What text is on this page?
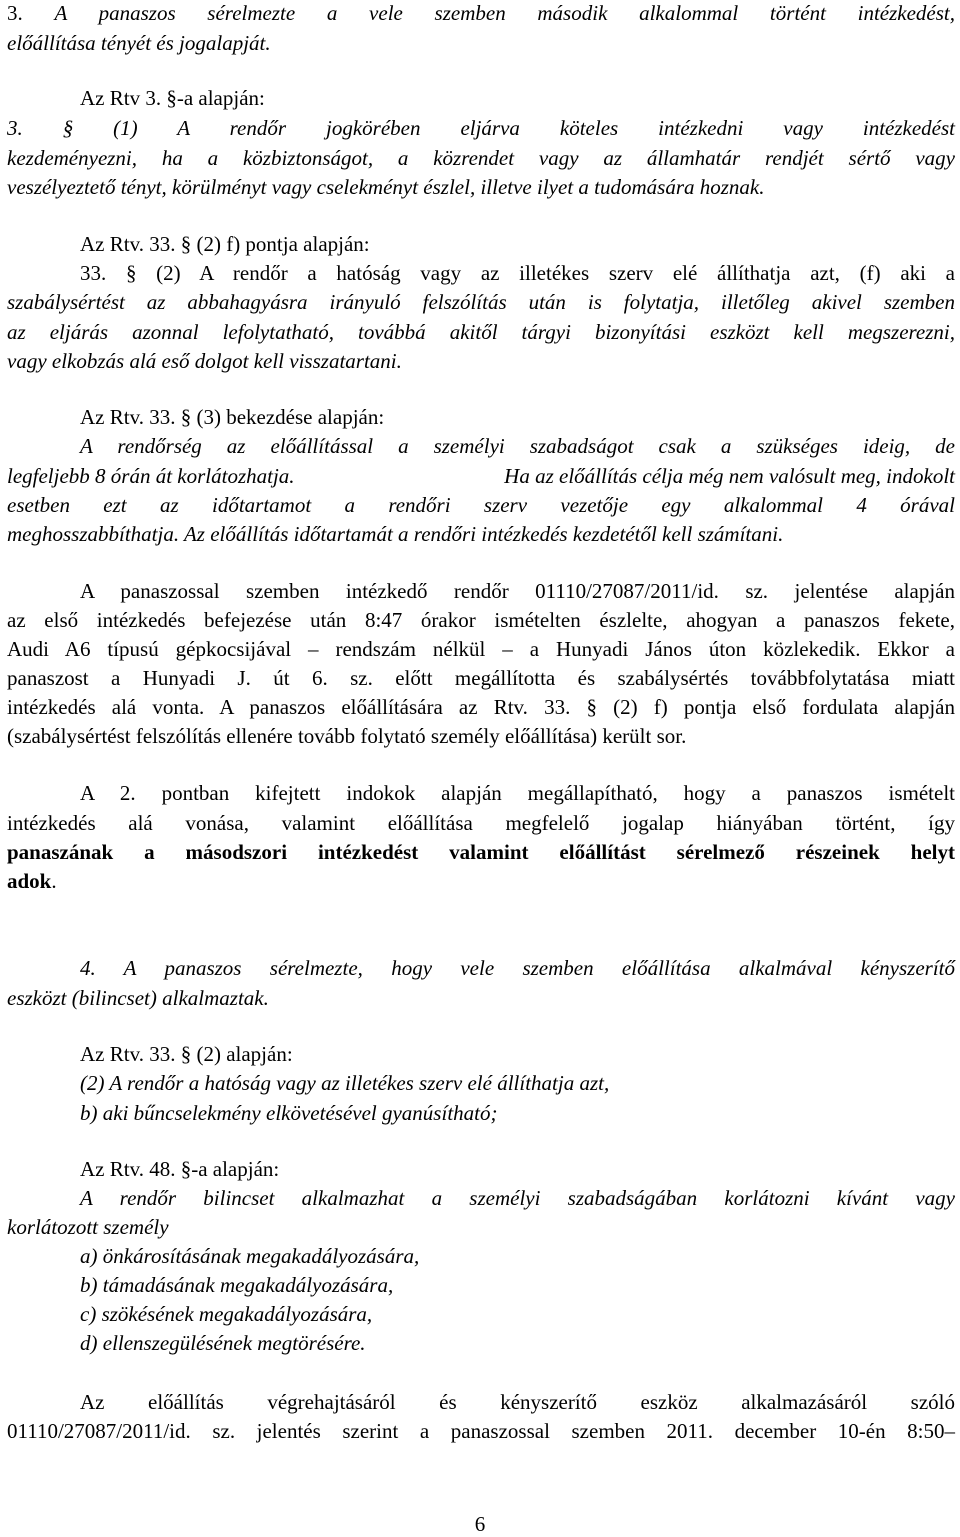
3. A panaszos sérelmezte a vele szemben második alkalommal történt intézkedést,

előállítása tényét és jogalapját.

Az Rtv 3. §-a alapján:

3. § (1) A rendőr jogkörében eljárva köteles intézkedni vagy intézkedést

kezdeményezni, ha a közbiztonságot, a közrendet vagy az államhatár rendjét sértő vagy

veszélyeztető tényt, körülményt vagy cselekményt észlel, illetve ilyet a tudomására hoznak.

Az Rtv. 33. § (2) f) pontja alapján:

33. § (2) A rendőr a hatóság vagy az illetékes szerv elé állíthatja azt, (f) aki a

szabálysértést az abbahagyásra irányuló felszólítás után is folytatja, illetőleg akivel szemben

az eljárás azonnal lefolytatható, továbbá akitől tárgyi bizonyítási eszközt kell megszerezni,

vagy elkobzás alá eső dolgot kell visszatartani.

Az Rtv. 33. § (3) bekezdése alapján:

A rendőrség az előállítással a személyi szabadságot csak a szükséges ideig, de

legfeljebb 8 órán át korlátozhatja.	Ha az előállítás célja még nem valósult meg, indokolt

esetben ezt az időtartamot a rendőri szerv vezetője egy alkalommal 4 órával

meghosszabbíthatja. Az előállítás időtartamát a rendőri intézkedés kezdetétől kell számítani.

A panaszossal szemben intézkedő rendőr 01110/27087/2011/id. sz. jelentése alapján

az első intézkedés befejezése után 8:47 órakor ismételten észlelte, ahogyan a panaszos fekete,

Audi A6 típusú gépkocsijával – rendszám nélkül – a Hunyadi János úton közlekedik. Ekkor a

panaszost a Hunyadi J. út 6. sz. előtt megállította és szabálysértés továbbfolytatása miatt

intézkedés alá vonta. A panaszos előállítására az Rtv. 33. § (2) f) pontja első fordulata alapján

(szabálysértést felszólítás ellenére tovább folytató személy előállítása) került sor.

A 2. pontban kifejtett indokok alapján megállapítható, hogy a panaszos ismételt

intézkedés alá vonása, valamint előállítása megfelelő jogalap hiányában történt, így

panaszának a másodszori intézkedést valamint előállítást sérelmező részeinek helyt

adok.

4. A panaszos sérelmezte, hogy vele szemben előállítása alkalmával kényszerítő

eszközt (bilincset) alkalmaztak.

Az Rtv. 33. § (2) alapján:

(2) A rendőr a hatóság vagy az illetékes szerv elé állíthatja azt,

b) aki bűncselekmény elkövetésével gyanúsítható;

Az Rtv. 48. §-a alapján:

A rendőr bilincset alkalmazhat a személyi szabadságában korlátozni kívánt vagy

korlátozott személy

a) önkárosításának megakadályozására,

b) támadásának megakadályozására,

c) szökésének megakadályozására,

d) ellenszegülésének megtörésére.

Az előállítás végrehajtásáról és kényszerítő eszköz alkalmazásáról szóló

01110/27087/2011/id. sz. jelentés szerint a panaszossal szemben 2011. december 10-én 8:50–

6
